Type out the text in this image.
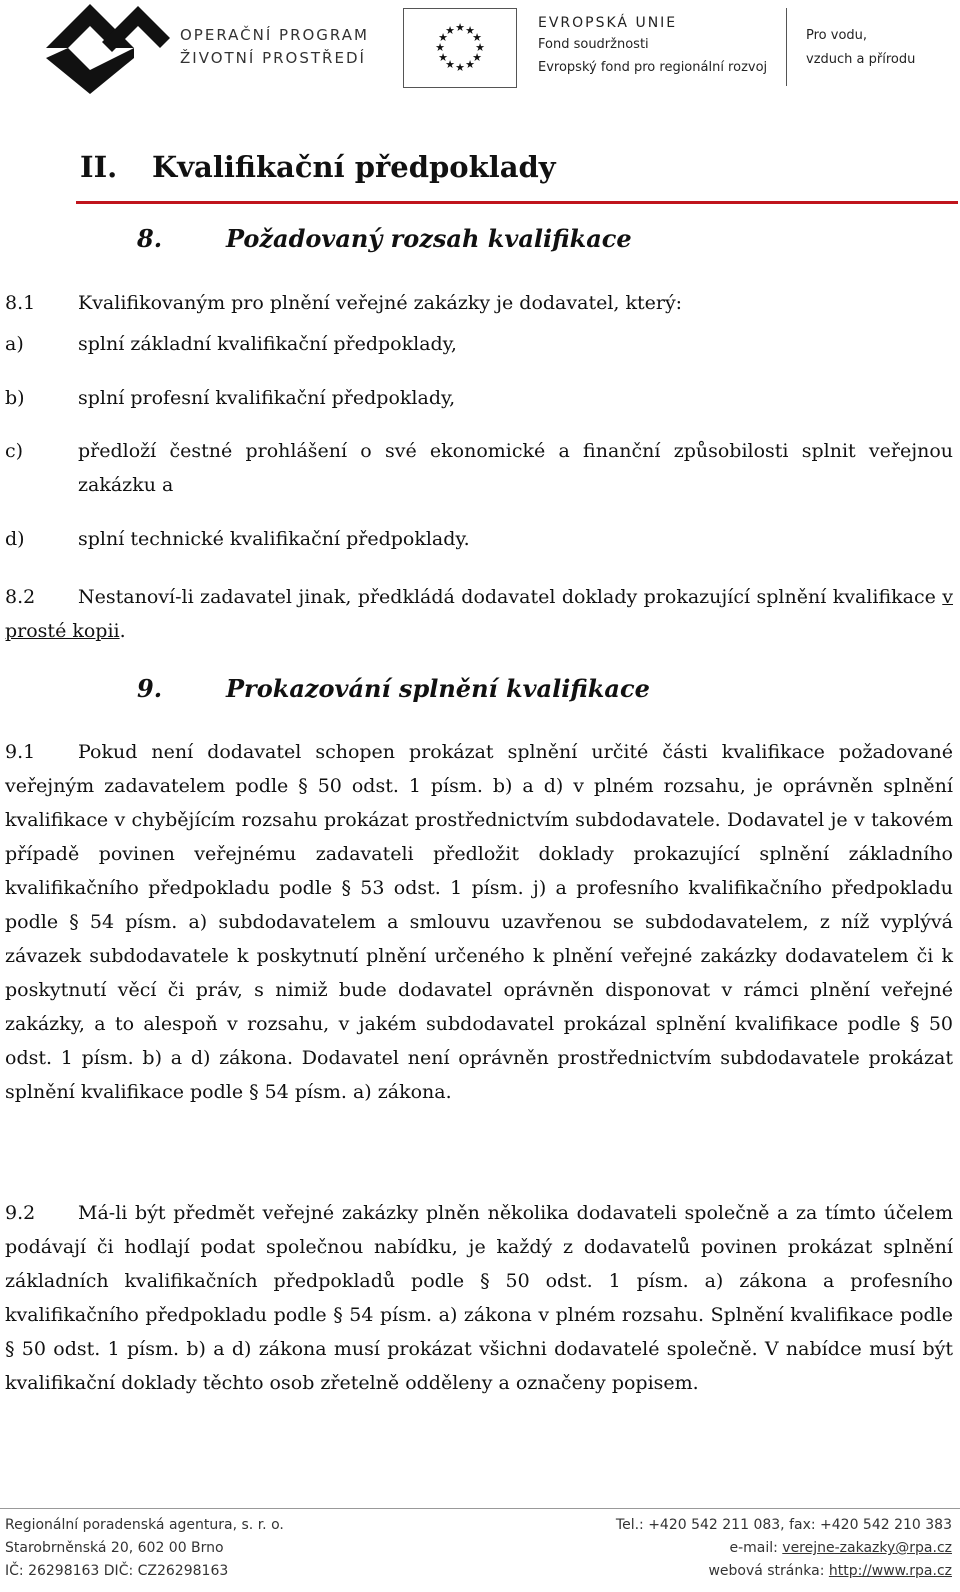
OPERAČNÍ PROGRAM
ŽIVOTNÍ PROSTŘEDÍ
★ ★
★
★
★
★
★
★
★
★
★
★	EVROPSKÁ UNIE
Fond soudržnosti
Evropský fond pro regionální rozvoj
Pro vodu,
vzduch a přírodu
II. Kvalifikační předpoklady
8.	Požadovaný rozsah kvalifikace

8.1 Kvalifikovaným pro plnění veřejné zakázky je dodavatel, který:

a)	splní základní kvalifikační předpoklady,
b)	splní profesní kvalifikační předpoklady,
c)	předloží čestné prohlášení o své ekonomické a finanční způsobilosti splnit veřejnou zakázku a
d)	splní technické kvalifikační předpoklady.

8.2 Nestanoví-li zadavatel jinak, předkládá dodavatel doklady prokazující splnění kvalifikace v prosté kopii.

9.	Prokazování splnění kvalifikace

9.1 Pokud není dodavatel schopen prokázat splnění určité části kvalifikace požadované veřejným zadavatelem podle § 50 odst. 1 písm. b) a d) v plném rozsahu, je oprávněn splnění kvalifikace v chybějícím rozsahu prokázat prostřednictvím subdodavatele. Dodavatel je v takovém případě povinen veřejnému zadavateli předložit doklady prokazující splnění základního kvalifikačního předpokladu podle § 53 odst. 1 písm. j) a profesního kvalifikačního předpokladu podle § 54 písm. a) subdodavatelem a smlouvu uzavřenou se subdodavatelem, z níž vyplývá závazek subdodavatele k poskytnutí plnění určeného k plnění veřejné zakázky dodavatelem či k poskytnutí věcí či práv, s nimiž bude dodavatel oprávněn disponovat v rámci plnění veřejné zakázky, a to alespoň v rozsahu, v jakém subdodavatel prokázal splnění kvalifikace podle § 50 odst. 1 písm. b) a d) zákona. Dodavatel není oprávněn prostřednictvím subdodavatele prokázat splnění kvalifikace podle § 54 písm. a) zákona.

9.2 Má-li být předmět veřejné zakázky plněn několika dodavateli společně a za tímto účelem podávají či hodlají podat společnou nabídku, je každý z dodavatelů povinen prokázat splnění základních kvalifikačních předpokladů podle § 50 odst. 1 písm. a) zákona a profesního kvalifikačního předpokladu podle § 54 písm. a) zákona v plném rozsahu. Splnění kvalifikace podle § 50 odst. 1 písm. b) a d) zákona musí prokázat všichni dodavatelé společně. V nabídce musí být kvalifikační doklady těchto osob zřetelně odděleny a označeny popisem.

Regionální poradenská agentura, s. r. o.
Starobrněnská 20, 602 00 Brno
IČ: 26298163 DIČ: CZ26298163
Tel.: +420 542 211 083, fax: +420 542 210 383
e-mail: verejne-zakazky@rpa.cz
webová stránka: http://www.rpa.cz
